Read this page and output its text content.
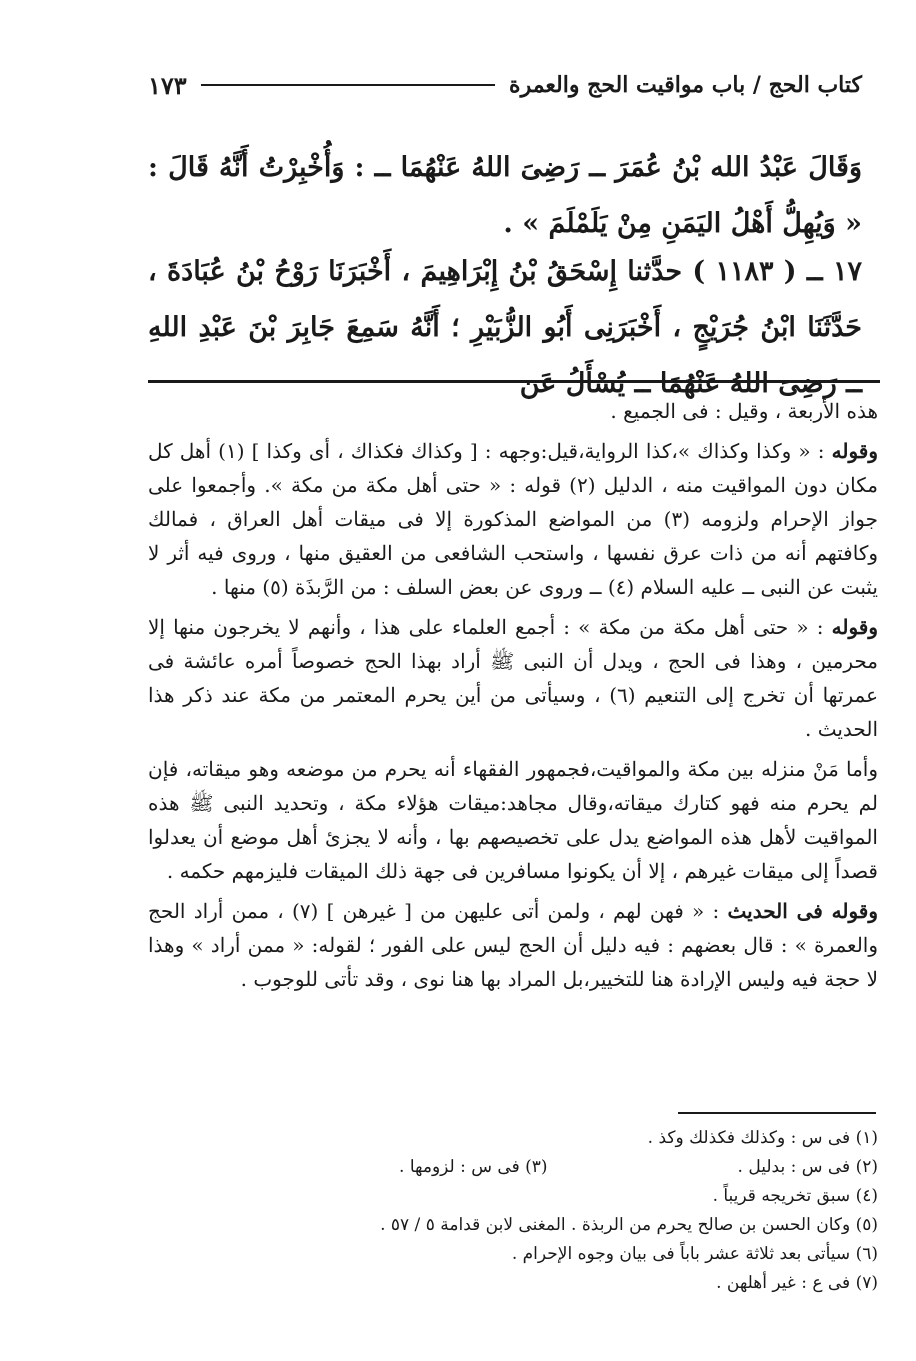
كتاب الحج / باب مواقيت الحج والعمرة
١٧٣

وَقَالَ عَبْدُ الله بْنُ عُمَرَ ــ رَضِىَ اللهُ عَنْهُمَا ــ : وَأُخْبِرْتُ أَنَّهُ قَالَ : « وَيُهِلُّ أَهْلُ اليَمَنِ مِنْ يَلَمْلَمَ » .

١٧ ــ ( ١١٨٣ ) حدَّثنا إِسْحَقُ بْنُ إِبْرَاهِيمَ ، أَخْبَرَنَا رَوْحُ بْنُ عُبَادَةَ ، حَدَّثَنَا ابْنُ جُرَيْجٍ ، أَخْبَرَنِى أَبُو الزُّبَيْرِ ؛ أَنَّهُ سَمِعَ جَابِرَ بْنَ عَبْدِ اللهِ ــ رَضِىَ اللهُ عَنْهُمَا ــ يُسْأَلُ عَن

هذه الأربعة ، وقيل : فى الجميع .

وقوله : « وكذا وكذاك »،كذا الرواية،قيل:وجهه : [ وكذاك فكذاك ، أى وكذا ] (١) أهل كل مكان دون المواقيت منه ، الدليل (٢) قوله : « حتى أهل مكة من مكة ». وأجمعوا على جواز الإحرام ولزومه (٣) من المواضع المذكورة إلا فى ميقات أهل العراق ، فمالك وكافتهم أنه من ذات عرق نفسها ، واستحب الشافعى من العقيق منها ، وروى فيه أثر لا يثبت عن النبى ــ عليه السلام (٤) ــ وروى عن بعض السلف : من الرَّبذَة (٥) منها .

وقوله : « حتى أهل مكة من مكة » : أجمع العلماء على هذا ، وأنهم لا يخرجون منها إلا محرمين ، وهذا فى الحج ، ويدل أن النبى ﷺ أراد بهذا الحج خصوصاً أمره عائشة فى عمرتها أن تخرج إلى التنعيم (٦) ، وسيأتى من أين يحرم المعتمر من مكة عند ذكر هذا الحديث .

وأما مَنْ منزله بين مكة والمواقيت،فجمهور الفقهاء أنه يحرم من موضعه وهو ميقاته، فإن لم يحرم منه فهو كتارك ميقاته،وقال مجاهد:ميقات هؤلاء مكة ، وتحديد النبى ﷺ هذه المواقيت لأهل هذه المواضع يدل على تخصيصهم بها ، وأنه لا يجزئ أهل موضع أن يعدلوا قصداً إلى ميقات غيرهم ، إلا أن يكونوا مسافرين فى جهة ذلك الميقات فليزمهم حكمه .

وقوله فى الحديث : « فهن لهم ، ولمن أتى عليهن من [ غيرهن ] (٧) ، ممن أراد الحج والعمرة » : قال بعضهم : فيه دليل أن الحج ليس على الفور ؛ لقوله: « ممن أراد » وهذا لا حجة فيه وليس الإرادة هنا للتخيير،بل المراد بها هنا نوى ، وقد تأتى للوجوب .

(١) فى س : وكذلك فكذلك وكذ .
(٢) فى س : بدليل .
(٣) فى س : لزومها .
(٤) سبق تخريجه قريباً .
(٥) وكان الحسن بن صالح يحرم من الربذة . المغنى لابن قدامة ٥ / ٥٧ .
(٦) سيأتى بعد ثلاثة عشر باباً فى بيان وجوه الإحرام .
(٧) فى ع : غير أهلهن .
